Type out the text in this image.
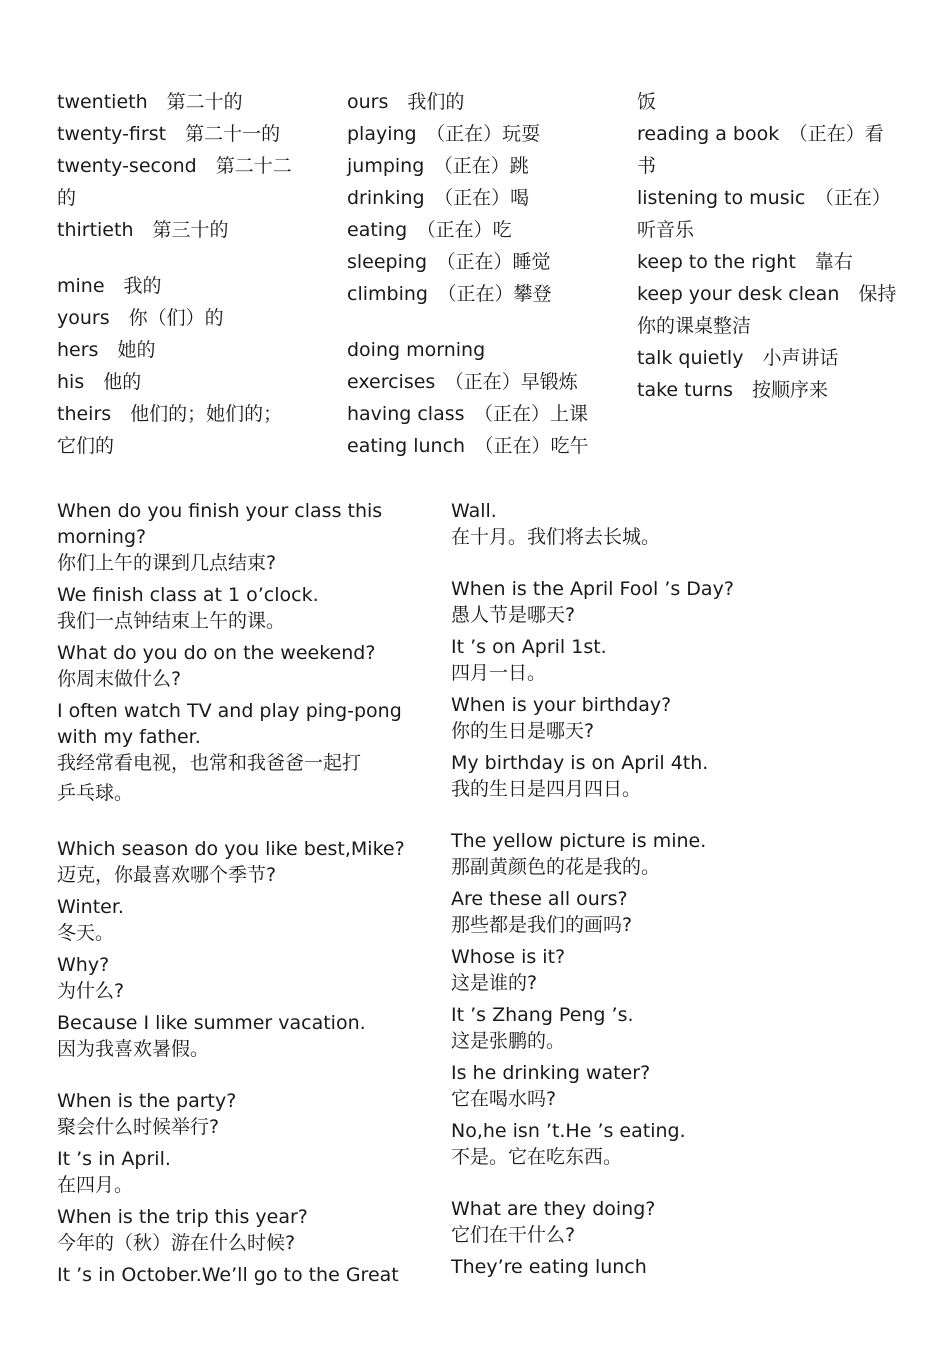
twentieth　第二十的
twenty-first　第二十一的
twenty-second　第二十二
的
thirtieth　第三十的
mine　我的
yours　你（们）的
hers　她的
his　他的
theirs　他们的；她们的；
它们的
ours　我们的
playing　（正在）玩耍
jumping　（正在）跳
drinking　（正在）喝
eating　（正在）吃
sleeping　（正在）睡觉
climbing　（正在）攀登
doing morning
exercises　（正在）早锻炼
having class　（正在）上课
eating lunch　（正在）吃午
饭
reading a book　（正在）看
书
listening to music　（正在）
听音乐
keep to the right　靠右
keep your desk clean　保持
你的课桌整洁
talk quietly　小声讲话
take turns　按顺序来
When do you finish your class this
morning?
你们上午的课到几点结束?
We finish class at 1 o’clock.
我们一点钟结束上午的课。
What do you do on the weekend?
你周末做什么?
I often watch TV and play ping-pong
with my father.
我经常看电视，也常和我爸爸一起打
乒乓球。
Which season do you like best,Mike?
迈克，你最喜欢哪个季节?
Winter.
冬天。
Why?
为什么?
Because I like summer vacation.
因为我喜欢暑假。
When is the party?
聚会什么时候举行?
It ’s in April.
在四月。
When is the trip this year?
今年的（秋）游在什么时候?
It ’s in October.We’ll go to the Great
Wall.
在十月。我们将去长城。
When is the April Fool ’s Day?
愚人节是哪天?
It ’s on April 1st.
四月一日。
When is your birthday?
你的生日是哪天?
My birthday is on April 4th.
我的生日是四月四日。
The yellow picture is mine.
那副黄颜色的花是我的。
Are these all ours?
那些都是我们的画吗?
Whose is it?
这是谁的?
It ’s Zhang Peng ’s.
这是张鹏的。
Is he drinking water?
它在喝水吗?
No,he isn ’t.He ’s eating.
不是。它在吃东西。
What are they doing?
它们在干什么?
They’re eating lunch
